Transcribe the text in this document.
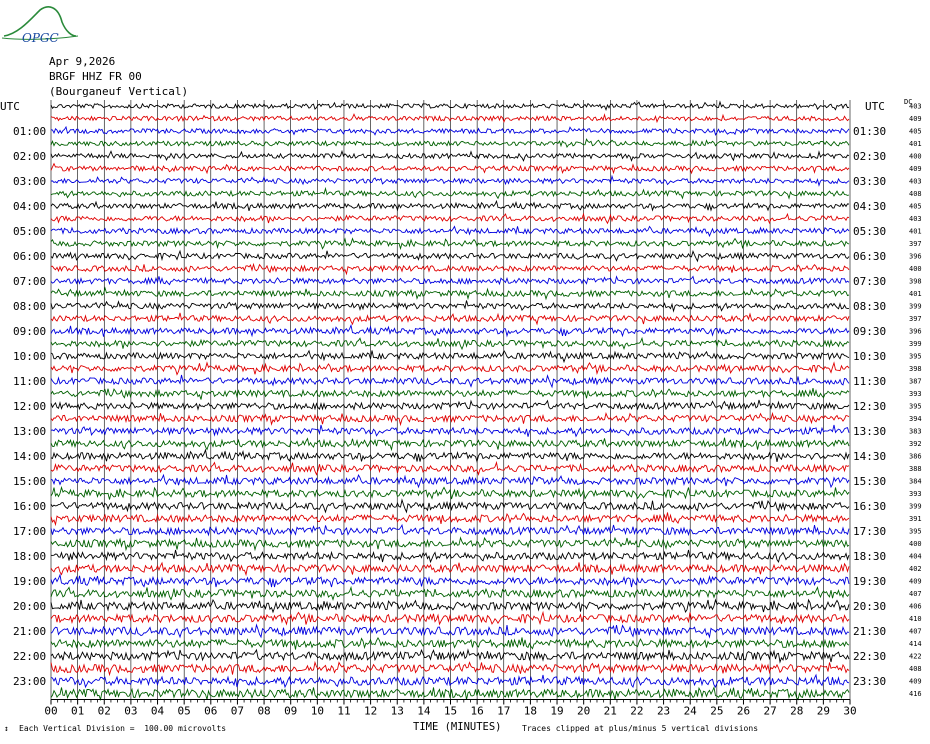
OPGC
Apr 9,2026
BRGF HHZ FR 00
(Bourganeuf Vertical)
00 01 02 03 04 05 06 07 08 09 10 11 12 13 14 15 16 17 18 19 20 21 22 23 24 25 26 27 28 29 30
403
409
405
401
400
409
403
408
405
403
401
397
396
400
398
401
399
397
396
399
395
398
387
393
395
394
383
392
386
388
384
393
399
391
395
400
404
402
409
407
406
410
407
414
422
408
409
416
01:00
02:00
03:00
04:00
05:00
06:00
07:00
08:00
09:00
10:00
11:00
12:00
13:00
14:00
15:00
16:00
17:00
18:00
19:00
20:00
21:00
22:00
23:00
01:30
02:30
03:30
04:30
05:30
06:30
07:30
08:30
09:30
10:30
11:30
12:30
13:30
14:30
15:30
16:30
17:30
18:30
19:30
20:30
21:30
22:30
23:30
UTC	UTC	DC
↕ Each Vertical Division =  100.00 microvolts	TIME (MINUTES)	Traces clipped at plus/minus 5 vertical divisions
